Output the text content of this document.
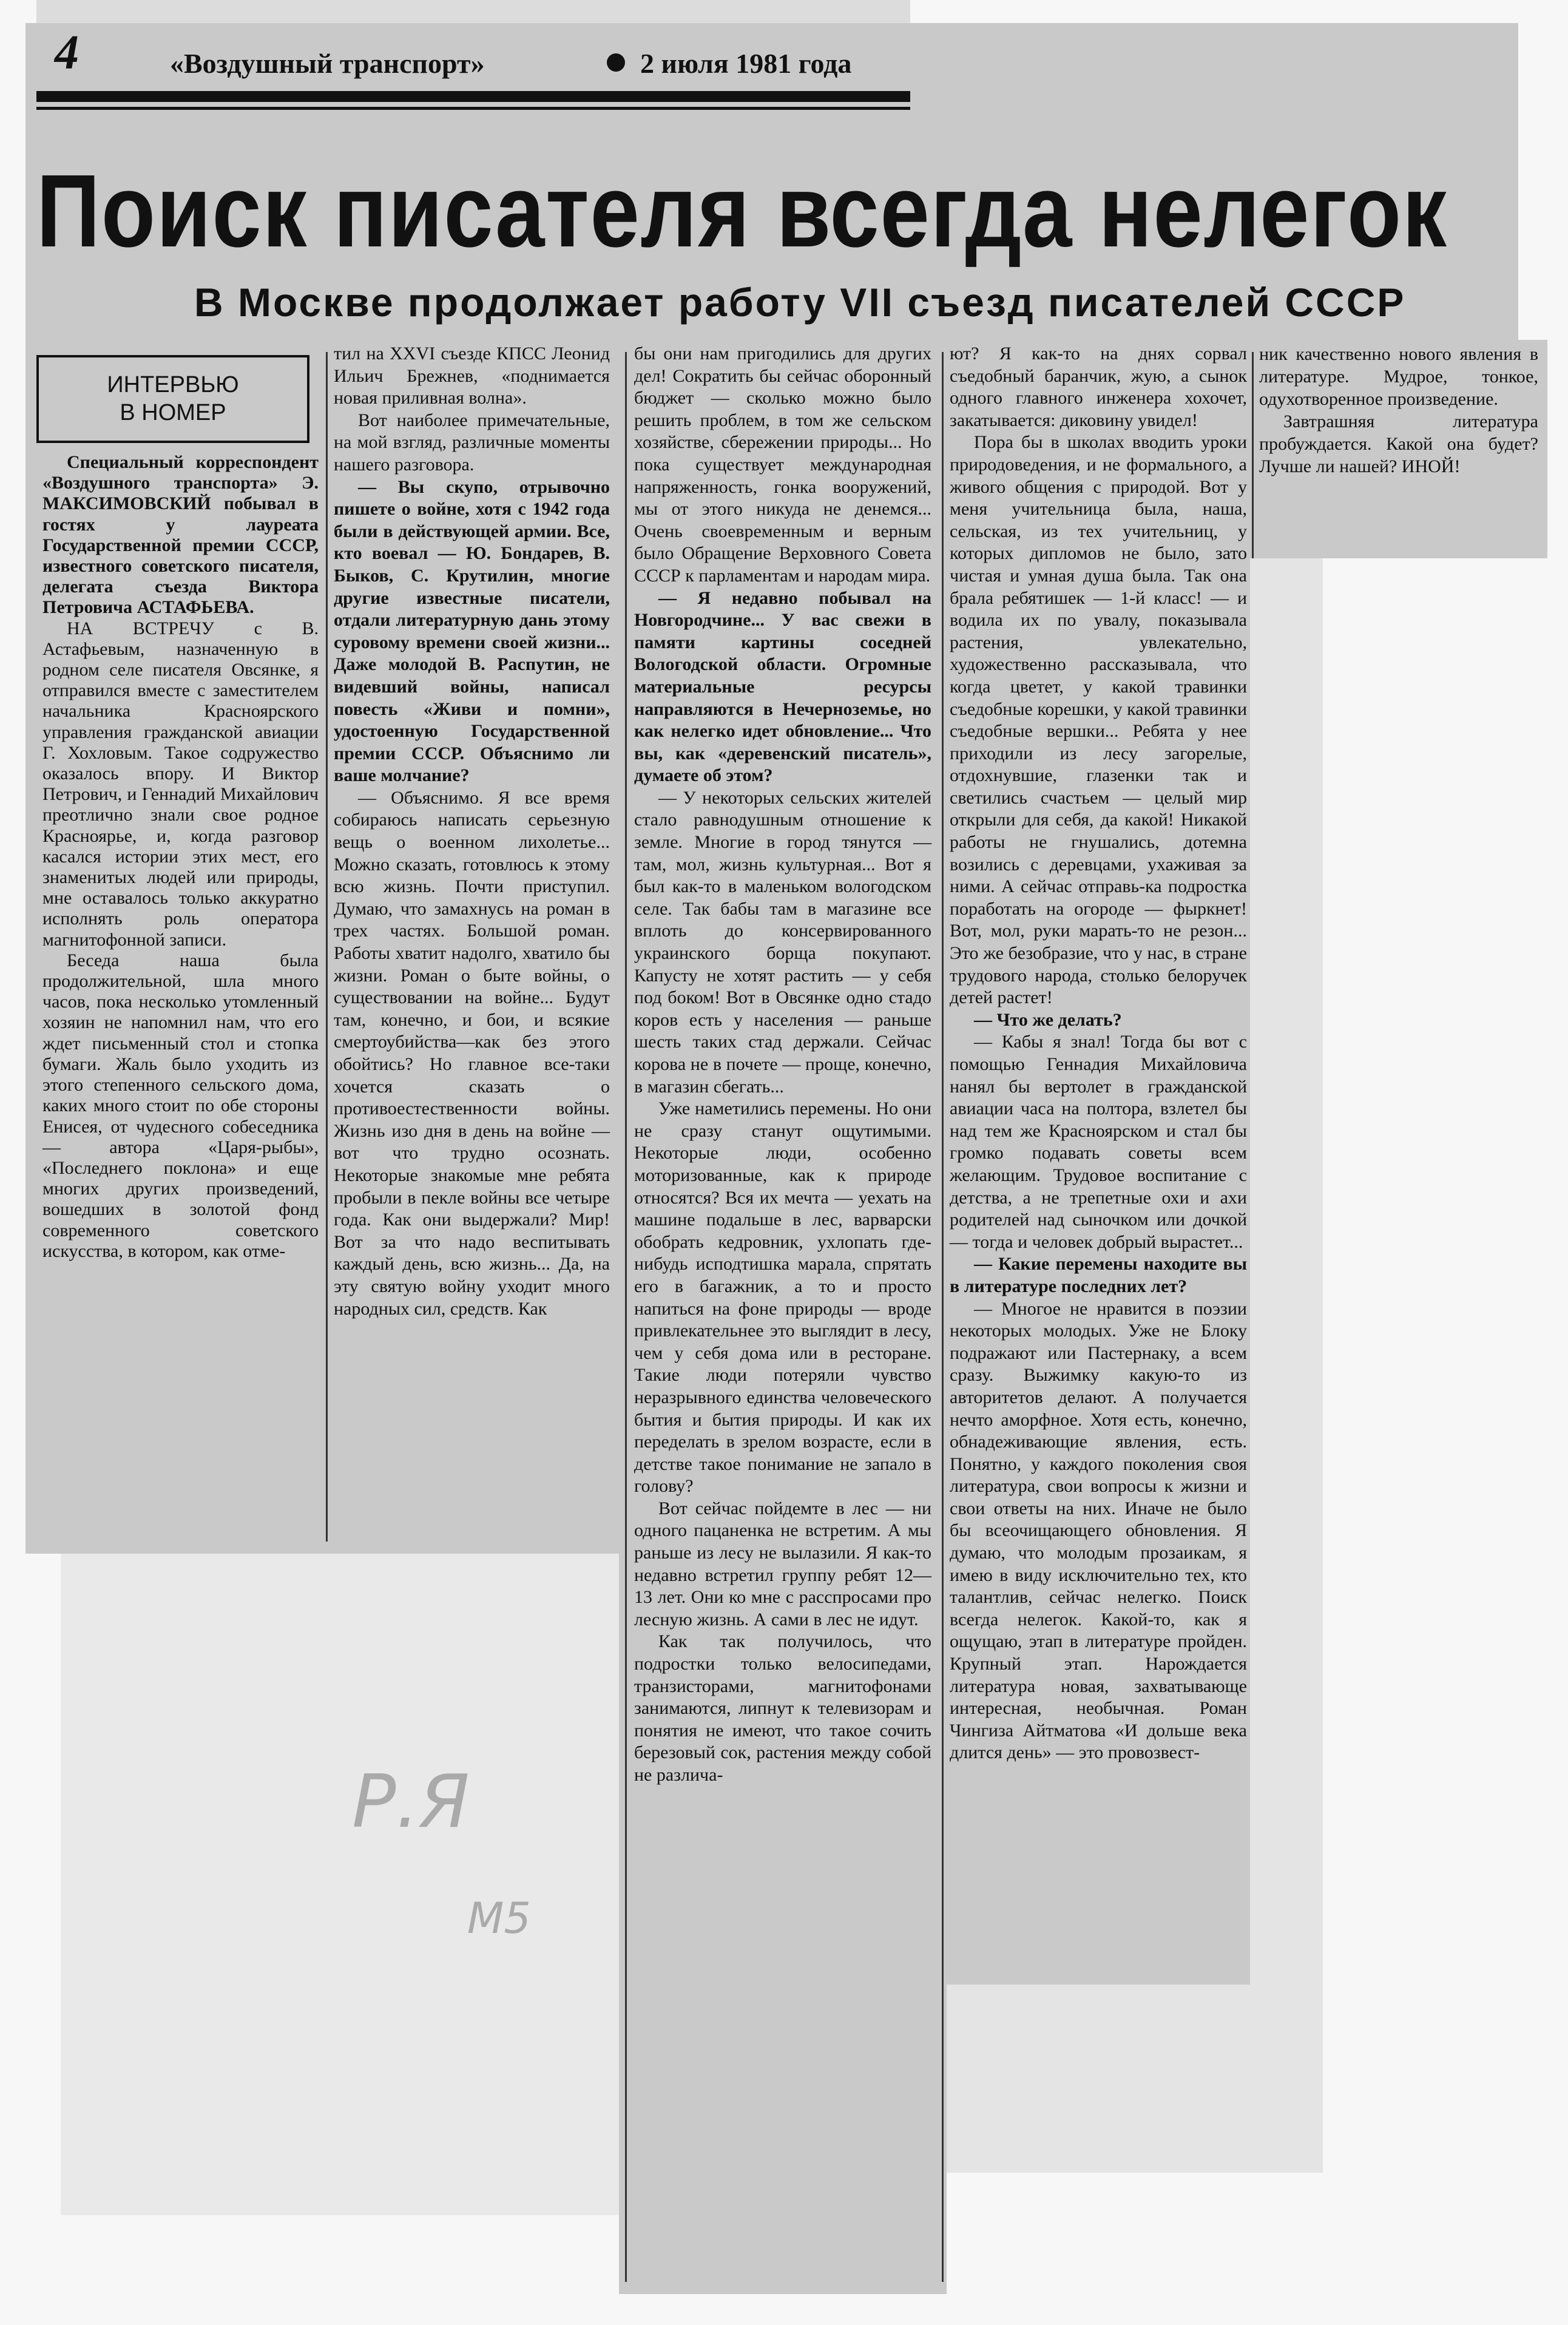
4	«Воздушный транспорт»	2 июля 1981 года
Поиск писателя всегда нелегок
В Москве продолжает работу VII съезд писателей СССР
ИНТЕРВЬЮ
В НОМЕР

Специальный корреспондент «Воздушного транспорта» Э. МАКСИМОВСКИЙ побывал в гостях у лауреата Государственной премии СССР, известного советского писателя, делегата съезда Виктора Петровича АСТАФЬЕВА.

НА ВСТРЕЧУ с В. Астафьевым, назначенную в родном селе писателя Овсянке, я отправился вместе с заместителем начальника Красноярского управления гражданской авиации Г. Хохловым. Такое содружество оказалось впору. И Виктор Петрович, и Геннадий Михайлович преотлично знали свое родное Красноярье, и, когда разговор касался истории этих мест, его знаменитых людей или природы, мне оставалось только аккуратно исполнять роль оператора магнитофонной записи.

Беседа наша была продолжительной, шла много часов, пока несколько утомленный хозяин не напомнил нам, что его ждет письменный стол и стопка бумаги. Жаль было уходить из этого степенного сельского дома, каких много стоит по обе стороны Енисея, от чудесного собеседника — автора «Царя-рыбы», «Последнего поклона» и еще многих других произведений, вошедших в золотой фонд современного советского искусства, в котором, как отме-

тил на XXVI съезде КПСС Леонид Ильич Брежнев, «поднимается новая приливная волна».

Вот наиболее примечательные, на мой взгляд, различные моменты нашего разговора.

— Вы скупо, отрывочно пишете о войне, хотя с 1942 года были в действующей армии. Все, кто воевал — Ю. Бондарев, В. Быков, С. Крутилин, многие другие известные писатели, отдали литературную дань этому суровому времени своей жизни... Даже молодой В. Распутин, не видевший войны, написал повесть «Живи и помни», удостоенную Государственной премии СССР. Объяснимо ли ваше молчание?

— Объяснимо. Я все время собираюсь написать серьезную вещь о военном лихолетье... Можно сказать, готовлюсь к этому всю жизнь. Почти приступил. Думаю, что замахнусь на роман в трех частях. Большой роман. Работы хватит надолго, хватило бы жизни. Роман о быте войны, о существовании на войне... Будут там, конечно, и бои, и всякие смертоубийства—как без этого обойтись? Но главное все-таки хочется сказать о противоестественности войны. Жизнь изо дня в день на войне — вот что трудно осознать. Некоторые знакомые мне ребята пробыли в пекле войны все четыре года. Как они выдержали? Мир! Вот за что надо веспитывать каждый день, всю жизнь... Да, на эту святую войну уходит много народных сил, средств. Как

бы они нам пригодились для других дел! Сократить бы сейчас оборонный бюджет — сколько можно было решить проблем, в том же сельском хозяйстве, сбережении природы... Но пока существует международная напряженность, гонка вооружений, мы от этого никуда не денемся... Очень своевременным и верным было Обращение Верховного Совета СССР к парламентам и народам мира.

— Я недавно побывал на Новгородчине... У вас свежи в памяти картины соседней Вологодской области. Огромные материальные ресурсы направляются в Нечерноземье, но как нелегко идет обновление... Что вы, как «деревенский писатель», думаете об этом?

— У некоторых сельских жителей стало равнодушным отношение к земле. Многие в город тянутся — там, мол, жизнь культурная... Вот я был как-то в маленьком вологодском селе. Так бабы там в магазине все вплоть до консервированного украинского борща покупают. Капусту не хотят растить — у себя под боком! Вот в Овсянке одно стадо коров есть у населения — раньше шесть таких стад держали. Сейчас корова не в почете — проще, конечно, в магазин сбегать...

Уже наметились перемены. Но они не сразу станут ощутимыми. Некоторые люди, особенно моторизованные, как к природе относятся? Вся их мечта — уехать на машине подальше в лес, варварски обобрать кедровник, ухлопать где-нибудь исподтишка марала, спрятать его в багажник, а то и просто напиться на фоне природы — вроде привлекательнее это выглядит в лесу, чем у себя дома или в ресторане. Такие люди потеряли чувство неразрывного единства человеческого бытия и бытия природы. И как их переделать в зрелом возрасте, если в детстве такое понимание не запало в голову?

Вот сейчас пойдемте в лес — ни одного пацаненка не встретим. А мы раньше из лесу не вылазили. Я как-то недавно встретил группу ребят 12—13 лет. Они ко мне с расспросами про лесную жизнь. А сами в лес не идут.

Как так получилось, что подростки только велосипедами, транзисторами, магнитофонами занимаются, липнут к телевизорам и понятия не имеют, что такое сочить березовый сок, растения между собой не различа-

ют? Я как-то на днях сорвал съедобный баранчик, жую, а сынок одного главного инженера хохочет, закатывается: диковину увидел!

Пора бы в школах вводить уроки природоведения, и не формального, а живого общения с природой. Вот у меня учительница была, наша, сельская, из тех учительниц, у которых дипломов не было, зато чистая и умная душа была. Так она брала ребятишек — 1-й класс! — и водила их по увалу, показывала растения, увлекательно, художественно рассказывала, что когда цветет, у какой травинки съедобные корешки, у какой травинки съедобные вершки... Ребята у нее приходили из лесу загорелые, отдохнувшие, глазенки так и светились счастьем — целый мир открыли для себя, да какой! Никакой работы не гнушались, дотемна возились с деревцами, ухаживая за ними. А сейчас отправь-ка подростка поработать на огороде — фыркнет! Вот, мол, руки марать-то не резон... Это же безобразие, что у нас, в стране трудового народа, столько белоручек детей растет!

— Что же делать?

— Кабы я знал! Тогда бы вот с помощью Геннадия Михайловича нанял бы вертолет в гражданской авиации часа на полтора, взлетел бы над тем же Красноярском и стал бы громко подавать советы всем желающим. Трудовое воспитание с детства, а не трепетные охи и ахи родителей над сыночком или дочкой — тогда и человек добрый вырастет...

— Какие перемены находите вы в литературе последних лет?

— Многое не нравится в поэзии некоторых молодых. Уже не Блоку подражают или Пастернаку, а всем сразу. Выжимку какую-то из авторитетов делают. А получается нечто аморфное. Хотя есть, конечно, обнадеживающие явления, есть. Понятно, у каждого поколения своя литература, свои вопросы к жизни и свои ответы на них. Иначе не было бы всеочищающего обновления. Я думаю, что молодым прозаикам, я имею в виду исключительно тех, кто талантлив, сейчас нелегко. Поиск всегда нелегок. Какой-то, как я ощущаю, этап в литературе пройден. Крупный этап. Нарождается литература новая, захватывающе интересная, необычная. Роман Чингиза Айтматова «И дольше века длится день» — это провозвест-

ник качественно нового явления в литературе. Мудрое, тонкое, одухотворенное произведение.

Завтрашняя литература пробуждается. Какой она будет? Лучше ли нашей? ИНОЙ!

Р.Я
М5
